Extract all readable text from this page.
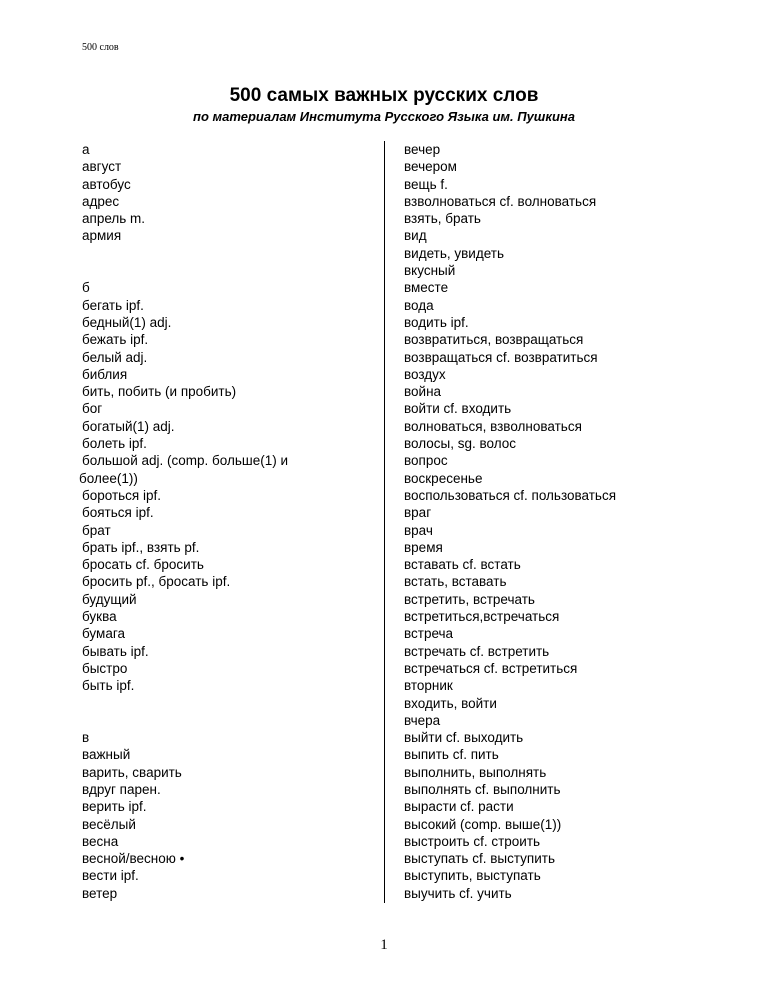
500 слов
500 самых важных русских слов
по материалам Института Русского Языка им. Пушкина
а
август
автобус
адрес
апрель m.
армия
б
бегать ipf.
бедный(1) adj.
бежать ipf.
белый adj.
библия
бить, побить (и пробить)
бог
богатый(1) adj.
болеть ipf.
большой adj. (comp. больше(1) и
более(1))
бороться ipf.
бояться ipf.
брат
брать ipf., взять pf.
бросать cf. бросить
бросить pf., бросать ipf.
будущий
буква
бумага
бывать ipf.
быстро
быть ipf.
в
важный
варить, сварить
вдруг парен.
верить ipf.
весёлый
весна
весной/весною •
вести ipf.
ветер
вечер
вечером
вещь f.
взволноваться cf. волноваться
взять, брать
вид
видеть, увидеть
вкусный
вместе
вода
водить ipf.
возвратиться, возвращаться
возвращаться cf. возвратиться
воздух
война
войти cf. входить
волноваться, взволноваться
волосы, sg. волос
вопрос
воскресенье
воспользоваться cf. пользоваться
враг
врач
время
вставать cf. встать
встать, вставать
встретить, встречать
встретиться,встречаться
встреча
встречать cf. встретить
встречаться cf. встретиться
вторник
входить, войти
вчера
выйти cf. выходить
выпить cf. пить
выполнить, выполнять
выполнять cf. выполнить
вырасти cf. расти
высокий (comp. выше(1))
выстроить cf. строить
выступать cf. выступить
выступить, выступать
выучить cf. учить
1
